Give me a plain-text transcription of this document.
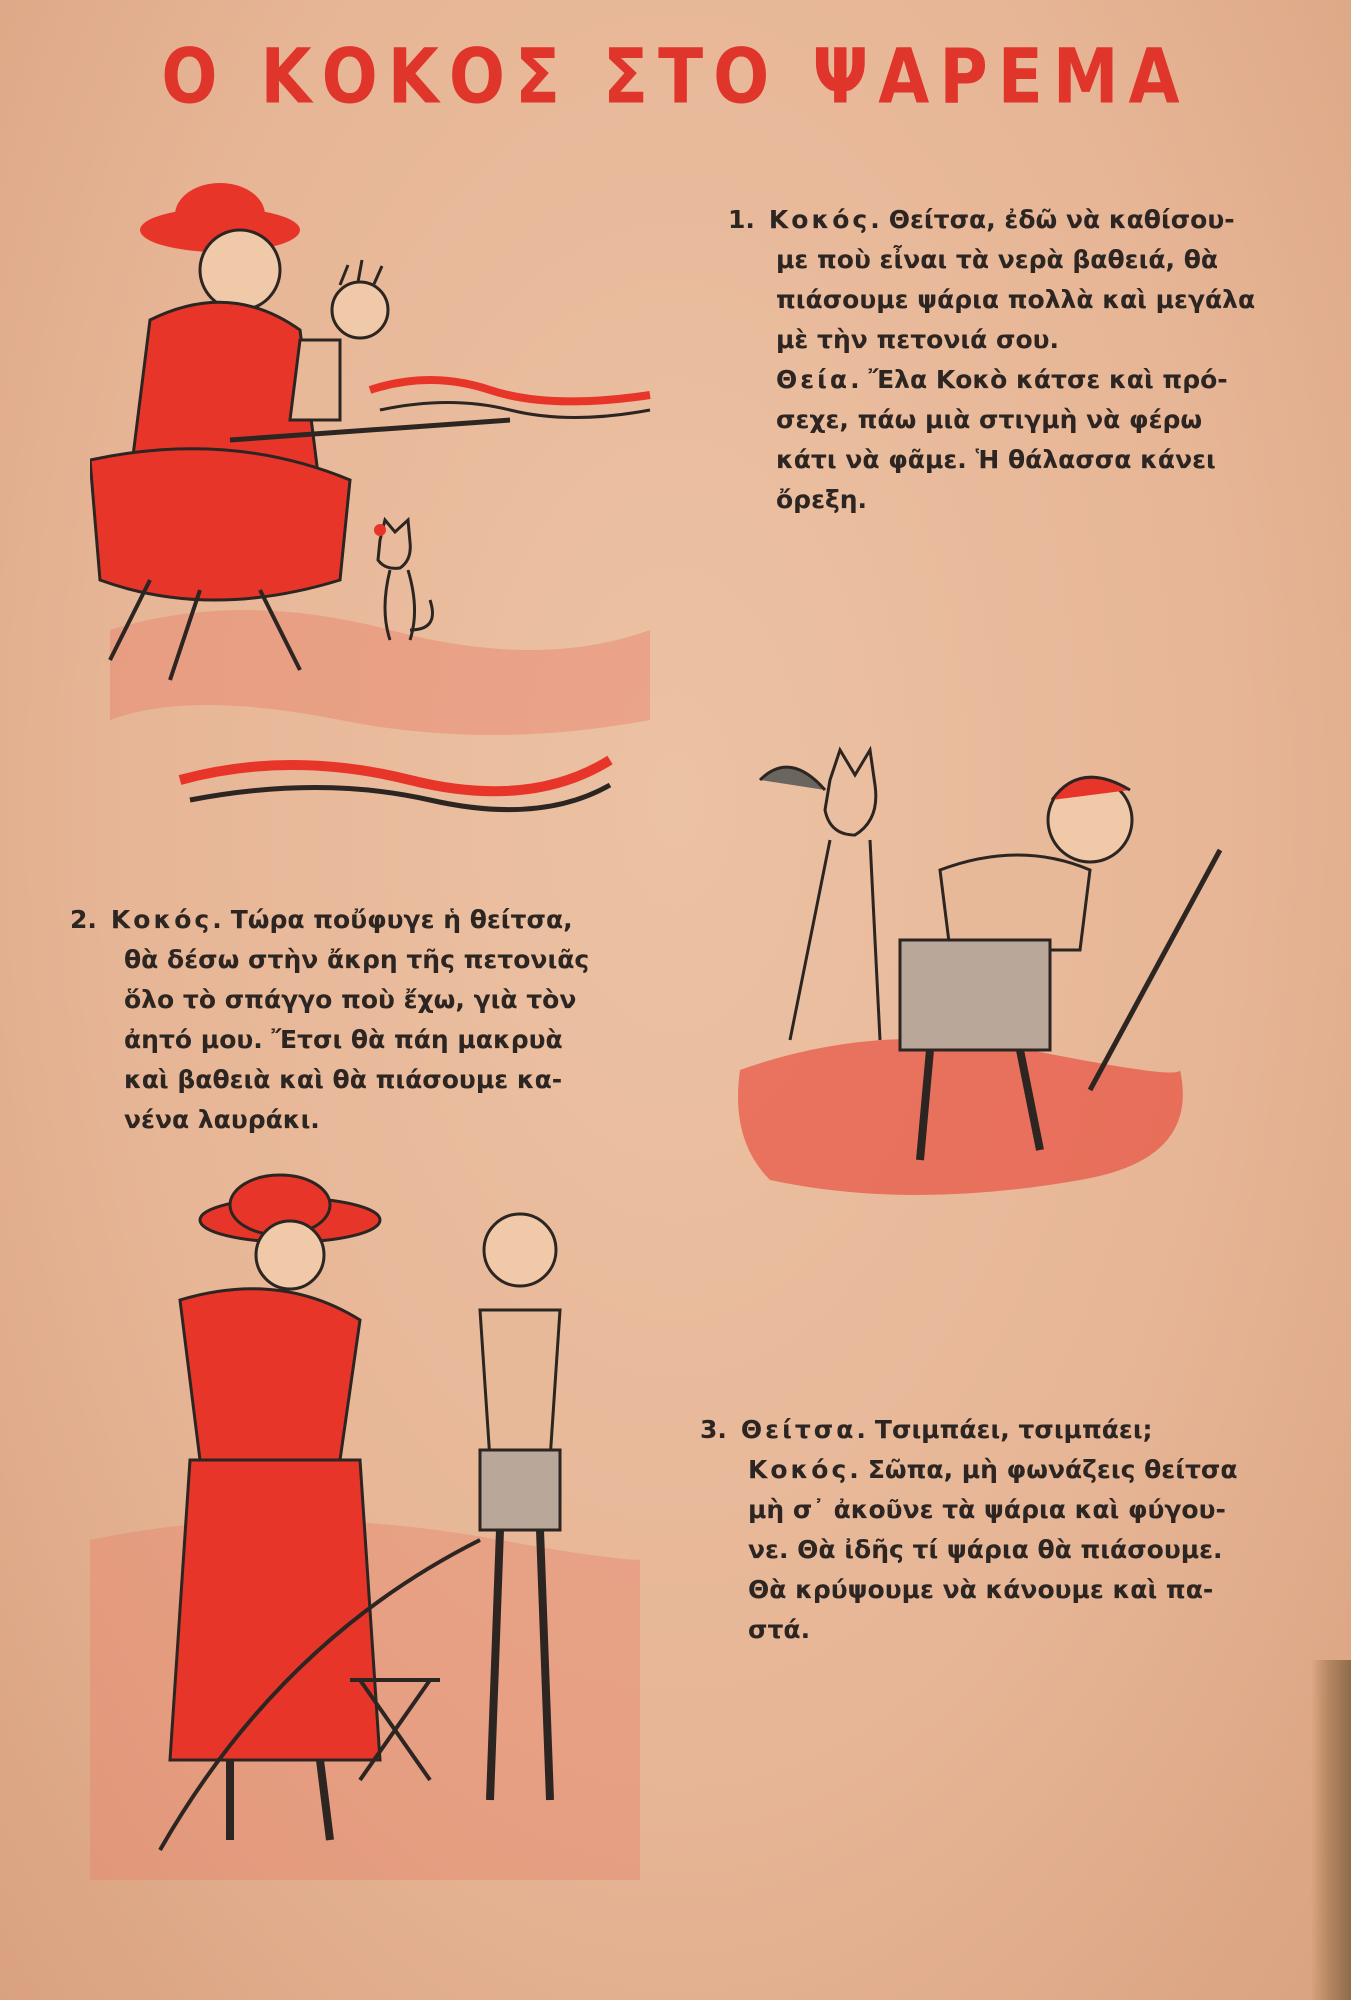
Ο ΚΟΚΟΣ ΣΤΟ ΨΑΡΕΜΑ

1. Κοκός. Θείτσα, ἐδῶ νὰ καθίσου-

με ποὺ εἶναι τὰ νερὰ βαθειά, θὰ

πιάσουμε ψάρια πολλὰ καὶ μεγάλα

μὲ τὴν πετονιά σου.

Θεία. Ἔλα Κοκὸ κάτσε καὶ πρό-

σεχε, πάω μιὰ στιγμὴ νὰ φέρω

κάτι νὰ φᾶμε. Ἡ θάλασσα κάνει

ὄρεξη.

2. Κοκός. Τώρα ποὔφυγε ἡ θείτσα,

θὰ δέσω στὴν ἄκρη τῆς πετονιᾶς

ὅλο τὸ σπάγγο ποὺ ἔχω, γιὰ τὸν

ἀητό μου. Ἔτσι θὰ πάη μακρυὰ

καὶ βαθειὰ καὶ θὰ πιάσουμε κα-

νένα λαυράκι.

3. Θείτσα. Τσιμπάει, τσιμπάει;

Κοκός. Σῶπα, μὴ φωνάζεις θείτσα

μὴ σ᾿ ἀκοῦνε τὰ ψάρια καὶ φύγου-

νε. Θὰ ἰδῆς τί ψάρια θὰ πιάσουμε.

Θὰ κρύψουμε νὰ κάνουμε καὶ πα-

στά.
